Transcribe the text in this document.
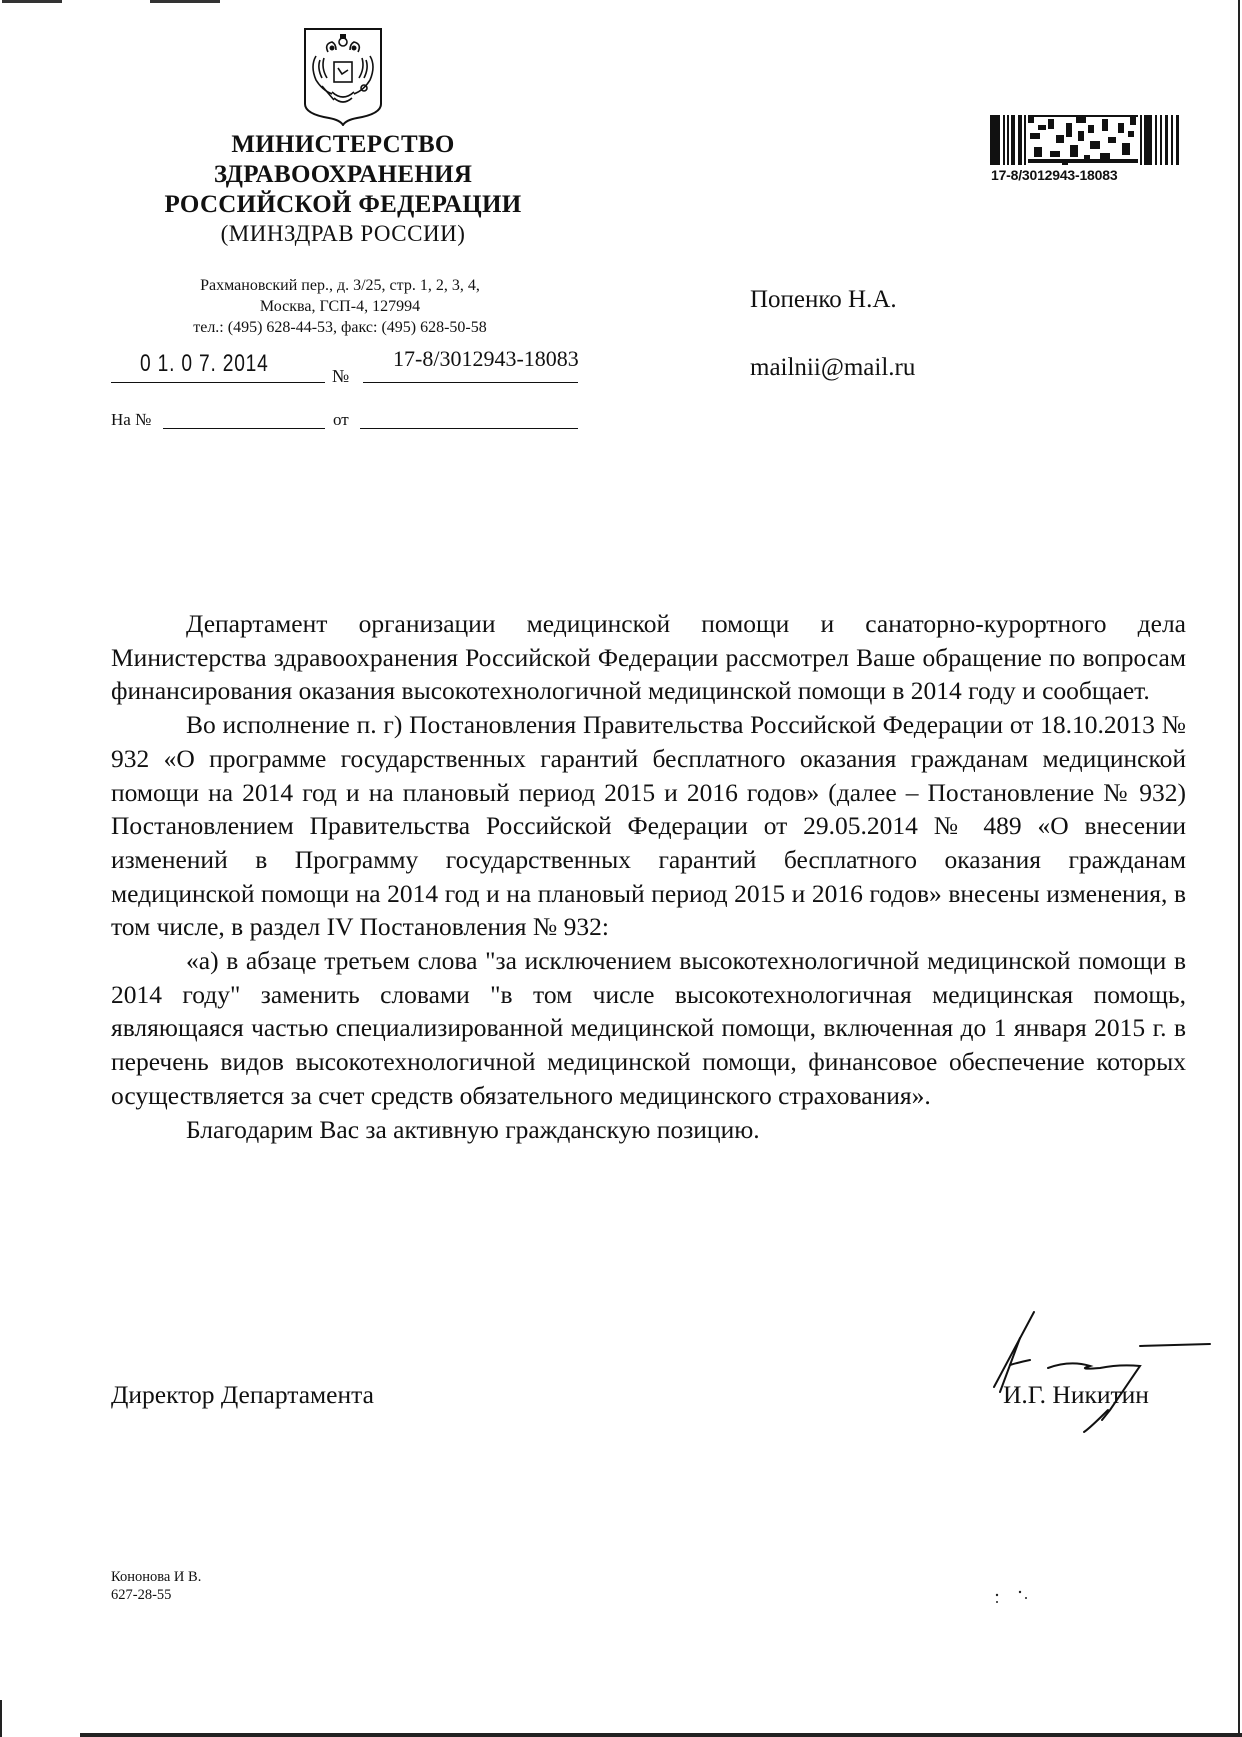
МИНИСТЕРСТВО
ЗДРАВООХРАНЕНИЯ
РОССИЙСКОЙ ФЕДЕРАЦИИ
(МИНЗДРАВ РОССИИ)
Рахмановский пер., д. 3/25, стр. 1, 2, 3, 4,
Москва, ГСП-4, 127994
тел.: (495) 628-44-53, факс: (495) 628-50-58
0 1. 0 7. 2014	№
17-8/3012943-18083
На №	от
Попенко Н.А.
mailnii@mail.ru
17-8/3012943-18083

Департамент организации медицинской помощи и санаторно-курортного дела Министерства здравоохранения Российской Федерации рассмотрел Ваше обращение по вопросам финансирования оказания высокотехнологичной медицинской помощи в 2014 году и сообщает.

Во исполнение п. г) Постановления Правительства Российской Федерации от 18.10.2013 № 932 «О программе государственных гарантий бесплатного оказания гражданам медицинской помощи на 2014 год и на плановый период 2015 и 2016 годов» (далее – Постановление № 932) Постановлением Правительства Российской Федерации от 29.05.2014 № 489 «О внесении изменений в Программу государственных гарантий бесплатного оказания гражданам медицинской помощи на 2014 год и на плановый период 2015 и 2016 годов» внесены изменения, в том числе, в раздел IV Постановления № 932:

«а) в абзаце третьем слова "за исключением высокотехнологичной медицинской помощи в 2014 году" заменить словами "в том числе высокотехнологичная медицинская помощь, являющаяся частью специализированной медицинской помощи, включенная до 1 января 2015 г. в перечень видов высокотехнологичной медицинской помощи, финансовое обеспечение которых осуществляется за счет средств обязательного медицинского страхования».

Благодарим Вас за активную гражданскую позицию.

Директор Департамента	И.Г. Никитин
Кононова И В.
627-28-55
